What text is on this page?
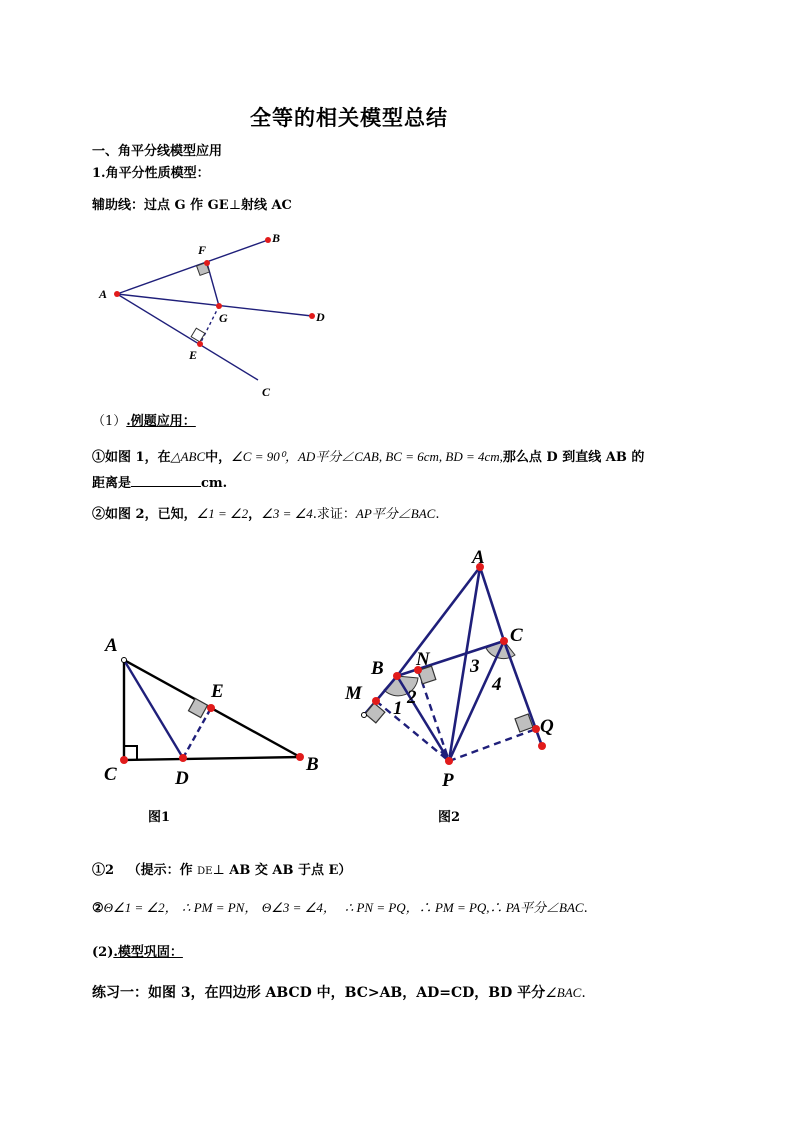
全等的相关模型总结
一、角平分线模型应用
1.角平分性质模型：
辅助线：过点 G 作 GE⊥射线 AC
A
B
C
D
E
F
G
（1）.例题应用：
①如图 1，在△ABC中，∠C = 90⁰，AD平分∠CAB, BC = 6cm, BD = 4cm,那么点 D 到直线 AB 的
距离是	cm.
②如图 2，已知，∠1 = ∠2，∠3 = ∠4.求证：AP平分∠BAC.
A
C	D
B
E
A
B
C
M
N
P
Q
1
2
3
4
图1	图2
①2 （提示：作 DE⊥ AB 交 AB 于点 E）
②Θ∠1 = ∠2， ∴ PM = PN， Θ∠3 = ∠4， ∴ PN = PQ，∴ PM = PQ,∴ PA平分∠BAC.
(2).模型巩固：
练习一：如图 3，在四边形 ABCD 中，BC>AB，AD=CD，BD 平分∠BAC.
